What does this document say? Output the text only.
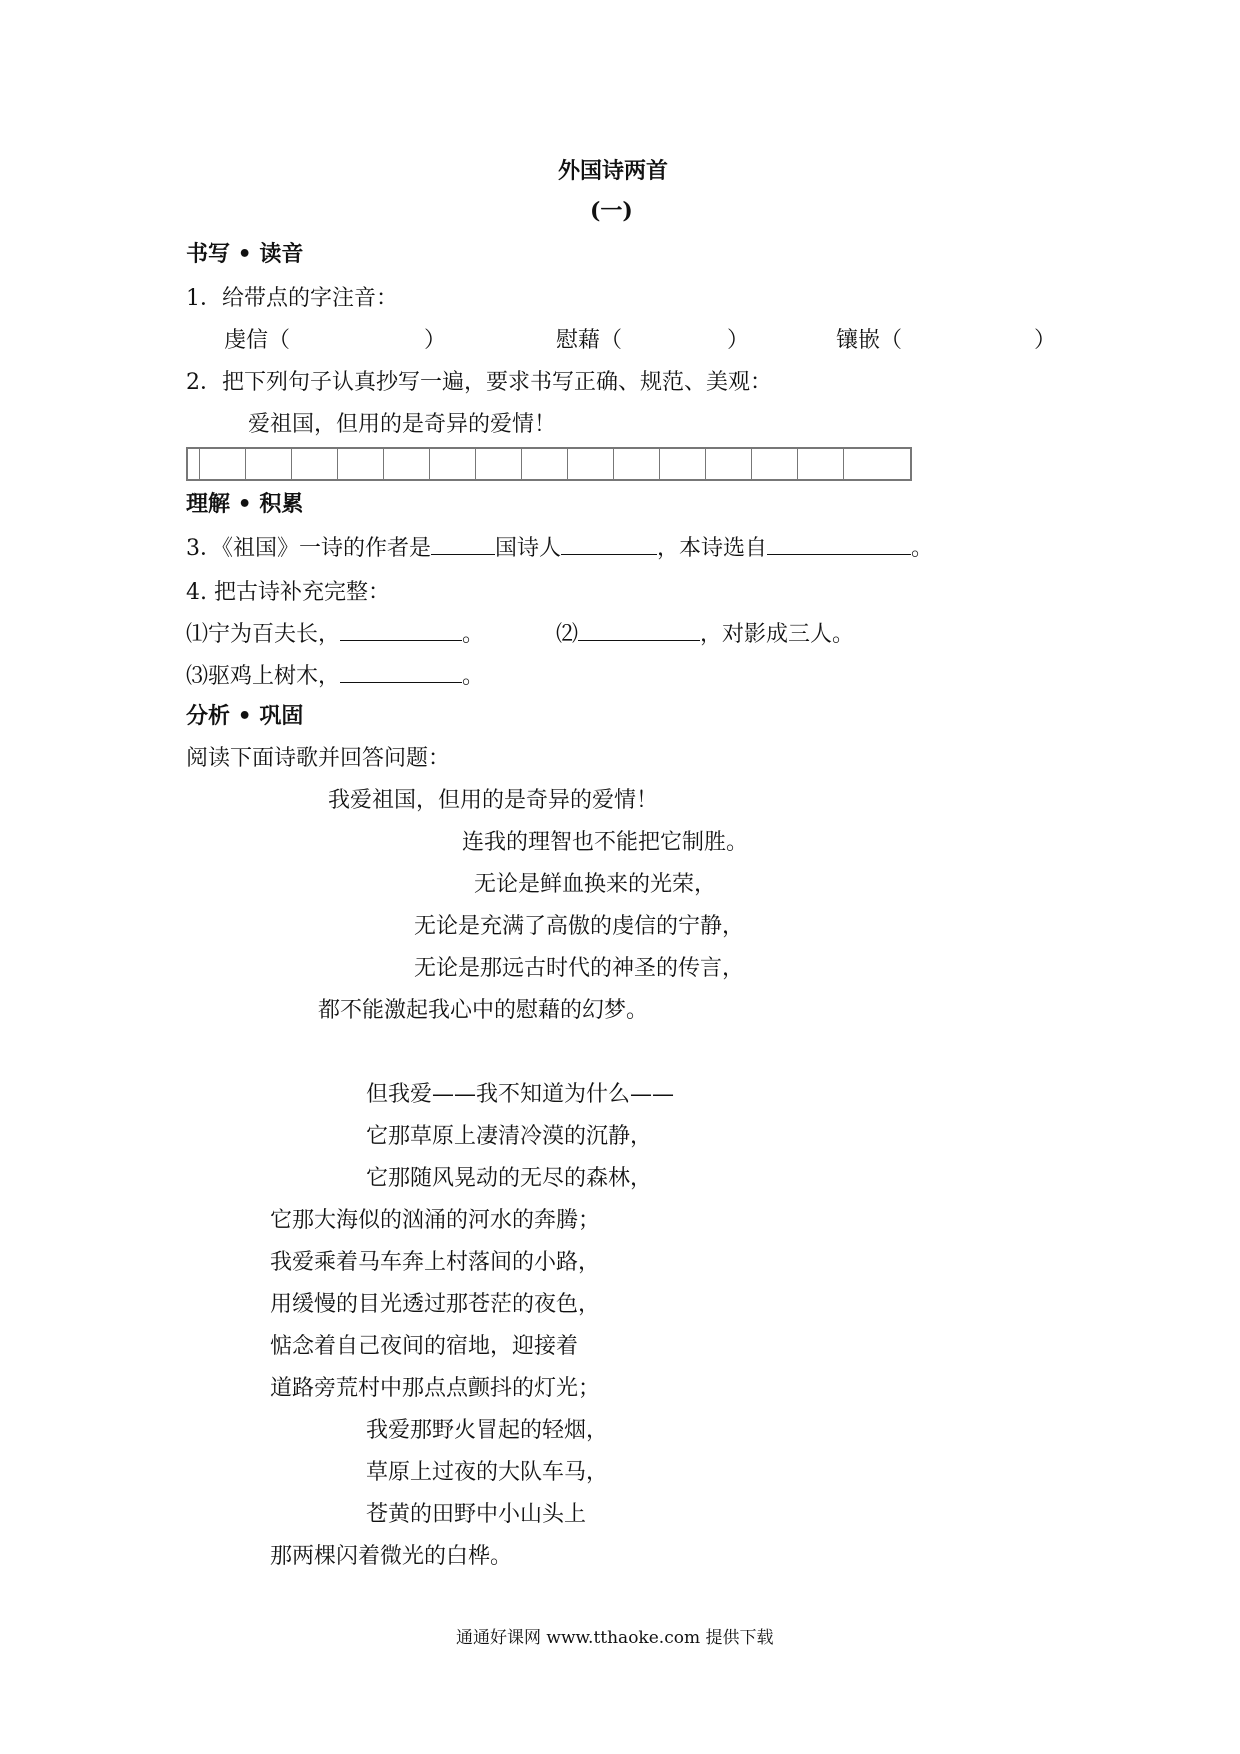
外国诗两首
(一)
书写 • 读音
1．给带点的字注音：
虔信（	）	慰藉（	）	镶嵌（	）
2．把下列句子认真抄写一遍，要求书写正确、规范、美观：
爱祖国，但用的是奇异的爱情！
理解 • 积累
3．《祖国》一诗的作者是	国诗人	，本诗选自	。
4. 把古诗补充完整：
⑴宁为百夫长，	。	⑵	，对影成三人。
⑶驱鸡上树木，	。
分析 • 巩固
阅读下面诗歌并回答问题：
我爱祖国，但用的是奇异的爱情！
连我的理智也不能把它制胜。
无论是鲜血换来的光荣，
无论是充满了高傲的虔信的宁静，
无论是那远古时代的神圣的传言，
都不能激起我心中的慰藉的幻梦。
但我爱——我不知道为什么——
它那草原上凄清冷漠的沉静，
它那随风晃动的无尽的森林，
它那大海似的汹涌的河水的奔腾；
我爱乘着马车奔上村落间的小路，
用缓慢的目光透过那苍茫的夜色，
惦念着自己夜间的宿地，迎接着
道路旁荒村中那点点颤抖的灯光；
我爱那野火冒起的轻烟，
草原上过夜的大队车马，
苍黄的田野中小山头上
那两棵闪着微光的白桦。
通通好课网 www.tthaoke.com 提供下载
